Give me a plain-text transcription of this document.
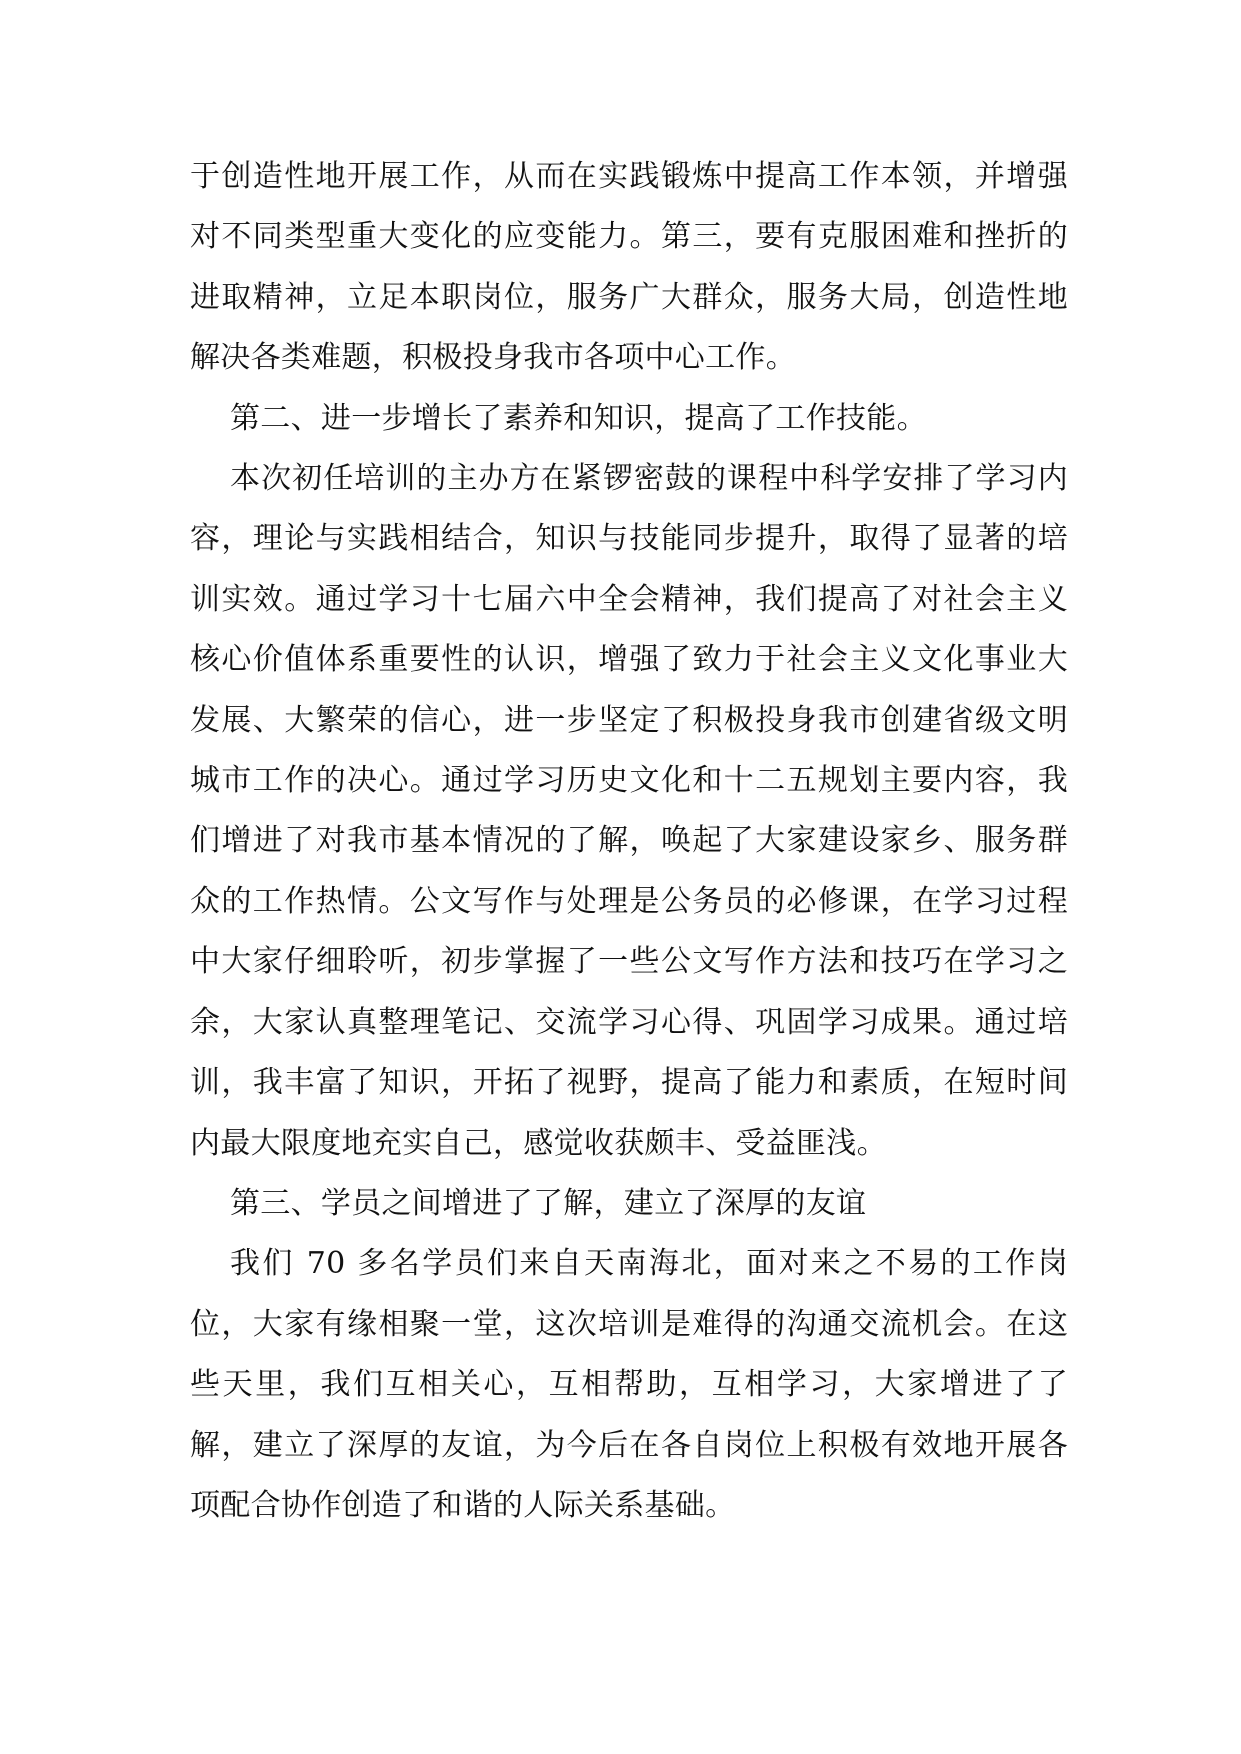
于创造性地开展工作，从而在实践锻炼中提高工作本领，并增强对不同类型重大变化的应变能力。第三，要有克服困难和挫折的进取精神，立足本职岗位，服务广大群众，服务大局，创造性地解决各类难题，积极投身我市各项中心工作。

第二、进一步增长了素养和知识，提高了工作技能。

本次初任培训的主办方在紧锣密鼓的课程中科学安排了学习内容，理论与实践相结合，知识与技能同步提升，取得了显著的培训实效。通过学习十七届六中全会精神，我们提高了对社会主义核心价值体系重要性的认识，增强了致力于社会主义文化事业大发展、大繁荣的信心，进一步坚定了积极投身我市创建省级文明城市工作的决心。通过学习历史文化和十二五规划主要内容，我们增进了对我市基本情况的了解，唤起了大家建设家乡、服务群众的工作热情。公文写作与处理是公务员的必修课，在学习过程中大家仔细聆听，初步掌握了一些公文写作方法和技巧在学习之余，大家认真整理笔记、交流学习心得、巩固学习成果。通过培训，我丰富了知识，开拓了视野，提高了能力和素质，在短时间内最大限度地充实自己，感觉收获颇丰、受益匪浅。

第三、学员之间增进了了解，建立了深厚的友谊

我们 70 多名学员们来自天南海北，面对来之不易的工作岗位，大家有缘相聚一堂，这次培训是难得的沟通交流机会。在这些天里，我们互相关心，互相帮助，互相学习，大家增进了了解，建立了深厚的友谊，为今后在各自岗位上积极有效地开展各项配合协作创造了和谐的人际关系基础。
